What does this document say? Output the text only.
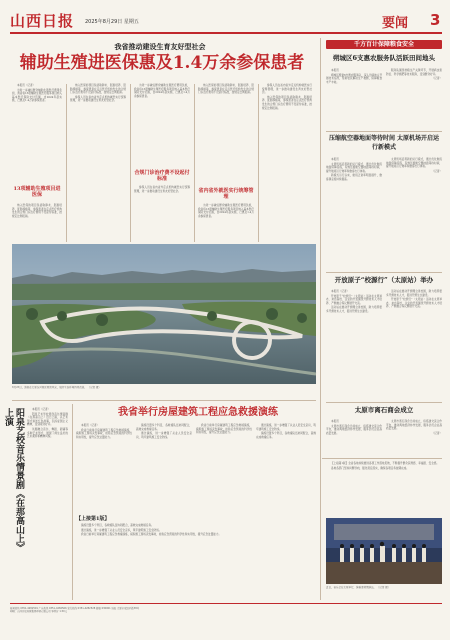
山西日报	2025年8月29日 星期五	要闻	3
我省推动建设生育友好型社会
辅助生殖进医保惠及1.4万余参保患者

本报讯（记者）

为进一步减轻群众辅助生殖医疗费用负担，我省将13项辅助生殖医疗服务项目纳入基本医疗保险支付范围，自2024年起实施，已惠及1.4万余参保患者。

13项辅助生殖项目进医保

纳入医保的项目包括取卵术、胚胎培养、胚胎移植等，参保患者在定点医疗机构发生的合规门诊治疗费用不设起付标准，按规定比例报销。

纳入医保的项目包括取卵术、胚胎培养、胚胎移植等，参保患者在定点医疗机构发生的合规门诊治疗费用不设起付标准，按规定比例报销。

参保人员在省内省外定点机构就医实行统筹管理，进一步推动建设生育友好型社会。

为进一步减轻群众辅助生殖医疗费用负担，我省将13项辅助生殖医疗服务项目纳入基本医疗保险支付范围，自2024年起实施，已惠及1.4万余参保患者。

合规门诊治疗费不设起付标准

参保人员在省内省外定点机构就医实行统筹管理，进一步推动建设生育友好型社会。

纳入医保的项目包括取卵术、胚胎培养、胚胎移植等，参保患者在定点医疗机构发生的合规门诊治疗费用不设起付标准，按规定比例报销。

省内省外就医实行统筹管理

为进一步减轻群众辅助生殖医疗费用负担，我省将13项辅助生殖医疗服务项目纳入基本医疗保险支付范围，自2024年起实施，已惠及1.4万余参保患者。

参保人员在省内省外定点机构就医实行统筹管理，进一步推动建设生育友好型社会。

纳入医保的项目包括取卵术、胚胎培养、胚胎移植等，参保患者在定点医疗机构发生的合规门诊治疗费用不设起付标准，按规定比例报销。

8月25日，游客在太原汾河景区观赏风光，城市生态环境持续改善。 （记者 摄）
千方百计保障粮食安全
朔城区6支惠农服务队活跃田间地头

本报讯

朔城区组建6支惠农服务队，深入田间地头开展技术指导，帮助农民解决生产难题，保障粮食丰产丰收。

服务队围绕秋粮生产关键环节，开展病虫害防治、科学施肥等技术服务，受到群众好评。

（记者）

压缩航空器地面等待时间 太原机场开启运行新模式

本报讯

太原机场启用新的运行模式，通过优化航班地面保障流程，有效压缩航空器地面等待时间，提升航班运行效率和旅客出行体验。

新模式运行以来，航班正常率明显提升，旅客满意度持续提高。

太原机场启用新的运行模式，通过优化航班地面保障流程，有效压缩航空器地面等待时间，提升航班运行效率和旅客出行体验。

（记者）

开放原子“校源行”（太原站）举办

本报讯（记者）

开放原子“校源行”（太原站）活动在太原举办，来自高校、企业的代表围绕开源技术人才培养、产教融合等议题展开交流。

活动旨在推动开源理念进校园，助力培养更多开源技术人才，促进开源生态建设。

活动旨在推动开源理念进校园，助力培养更多开源技术人才，促进开源生态建设。

开放原子“校源行”（太原站）活动在太原举办，来自高校、企业的代表围绕开源技术人才培养、产教融合等议题展开交流。

太原市离石商会成立

本报讯

太原市离石商会日前成立，将搭建交流合作平台，推动两地经济协作发展，服务会员企业高质量发展。

太原市离石商会日前成立，将搭建交流合作平台，推动两地经济协作发展，服务会员企业高质量发展。

（记者）

阳泉艺校音乐情景剧《在那高山上》上演	本报讯（记者）

阳泉艺术学校原创音乐情景剧《在那高山上》近日上演，以艺术形式讲述红色故事，弘扬爱国主义精神，受到观众好评。

该剧融合音乐、舞蹈、朗诵等多种艺术形式，展现了师生良好的艺术素养和精神风貌。

我省举行房屋建筑工程应急救援演练

本报讯（记者）

我省日前举行房屋建筑工程应急救援演练，模拟施工现场突发事故，检验应急预案的科学性和实用性，提升应急处置能力。

演练设置多个科目，各救援队伍协同配合，高效完成救援任务。

通过演练，进一步增强了从业人员安全意识，筑牢建筑施工安全防线。

我省日前举行房屋建筑工程应急救援演练，模拟施工现场突发事故，检验应急预案的科学性和实用性，提升应急处置能力。

通过演练，进一步增强了从业人员安全意识，筑牢建筑施工安全防线。

演练设置多个科目，各救援队伍协同配合，高效完成救援任务。

【上接第1版】

演练设置多个科目，各救援队伍协同配合，高效完成救援任务。

通过演练，进一步增强了从业人员安全意识，筑牢建筑施工安全防线。

我省日前举行房屋建筑工程应急救援演练，模拟施工现场突发事故，检验应急预案的科学性和实用性，提升应急处置能力。

【上接第1版】全省各地持续推进各项工作落地见效，不断提升群众获得感、幸福感、安全感。

各地各部门坚持问题导向，强化责任落实，确保各项任务按期完成。

近日，音乐会在太原举行，演奏者倾情演出。 （记者 摄）
新闻热线 0351-4282501 广告热线 0351-4282566 发行热线 0351-4282528 邮编 030001 地址 太原市双塔西街38号
印刷：山西日报传媒集团印务有限公司 零售价 1.50元
